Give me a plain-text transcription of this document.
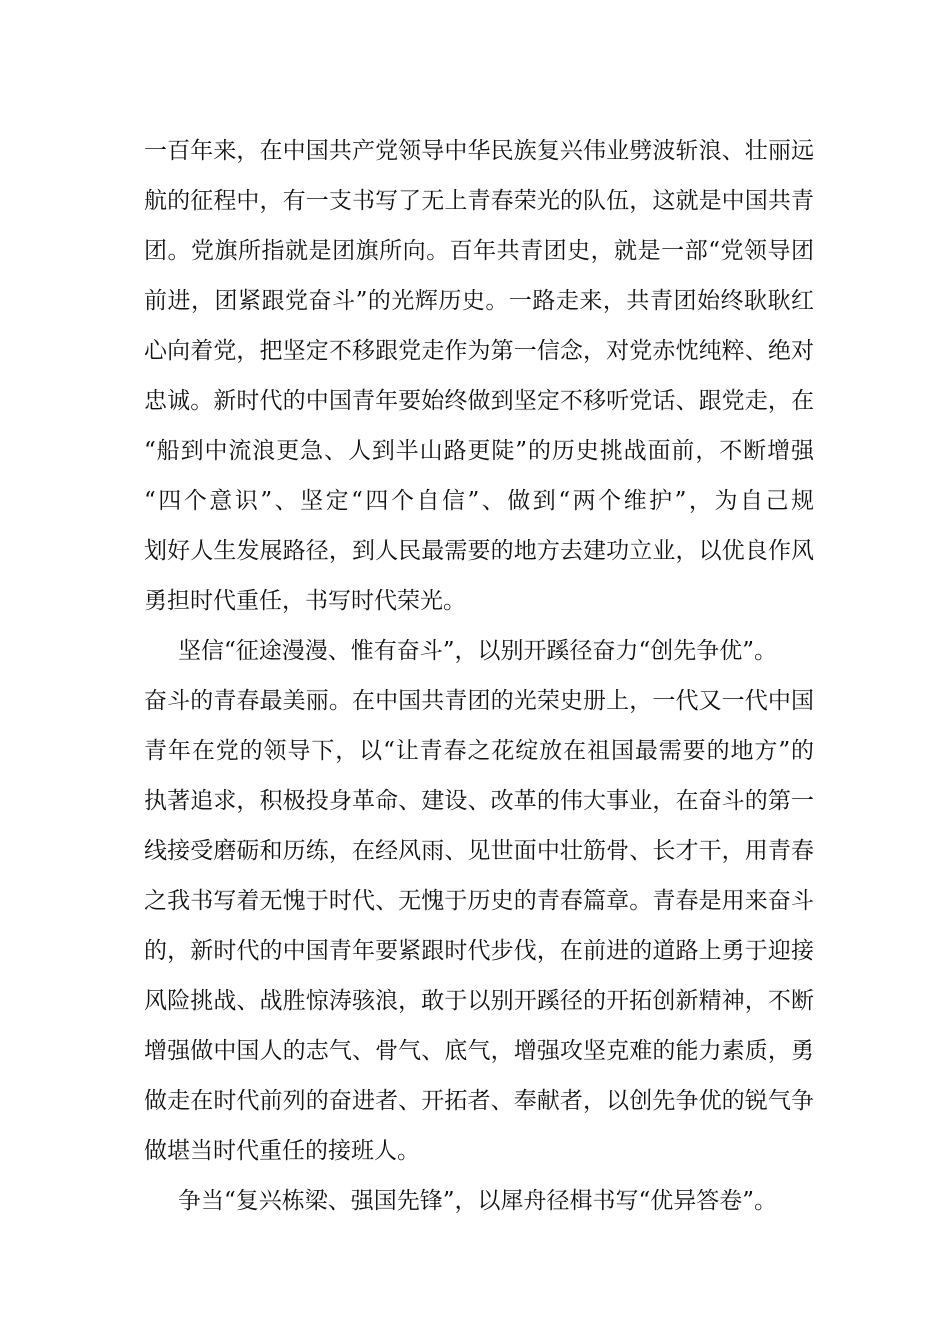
一百年来，在中国共产党领导中华民族复兴伟业劈波斩浪、壮丽远
航的征程中，有一支书写了无上青春荣光的队伍，这就是中国共青
团。党旗所指就是团旗所向。百年共青团史，就是一部“党领导团
前进，团紧跟党奋斗”的光辉历史。一路走来，共青团始终耿耿红
心向着党，把坚定不移跟党走作为第一信念，对党赤忱纯粹、绝对
忠诚。新时代的中国青年要始终做到坚定不移听党话、跟党走，在
“船到中流浪更急、人到半山路更陡”的历史挑战面前，不断增强
“四个意识”、坚定“四个自信”、做到“两个维护”，为自己规
划好人生发展路径，到人民最需要的地方去建功立业，以优良作风
勇担时代重任，书写时代荣光。
坚信“征途漫漫、惟有奋斗”，以别开蹊径奋力“创先争优”。
奋斗的青春最美丽。在中国共青团的光荣史册上，一代又一代中国
青年在党的领导下，以“让青春之花绽放在祖国最需要的地方”的
执著追求，积极投身革命、建设、改革的伟大事业，在奋斗的第一
线接受磨砺和历练，在经风雨、见世面中壮筋骨、长才干，用青春
之我书写着无愧于时代、无愧于历史的青春篇章。青春是用来奋斗
的，新时代的中国青年要紧跟时代步伐，在前进的道路上勇于迎接
风险挑战、战胜惊涛骇浪，敢于以别开蹊径的开拓创新精神，不断
增强做中国人的志气、骨气、底气，增强攻坚克难的能力素质，勇
做走在时代前列的奋进者、开拓者、奉献者，以创先争优的锐气争
做堪当时代重任的接班人。
争当“复兴栋梁、强国先锋”，以犀舟径楫书写“优异答卷”。
